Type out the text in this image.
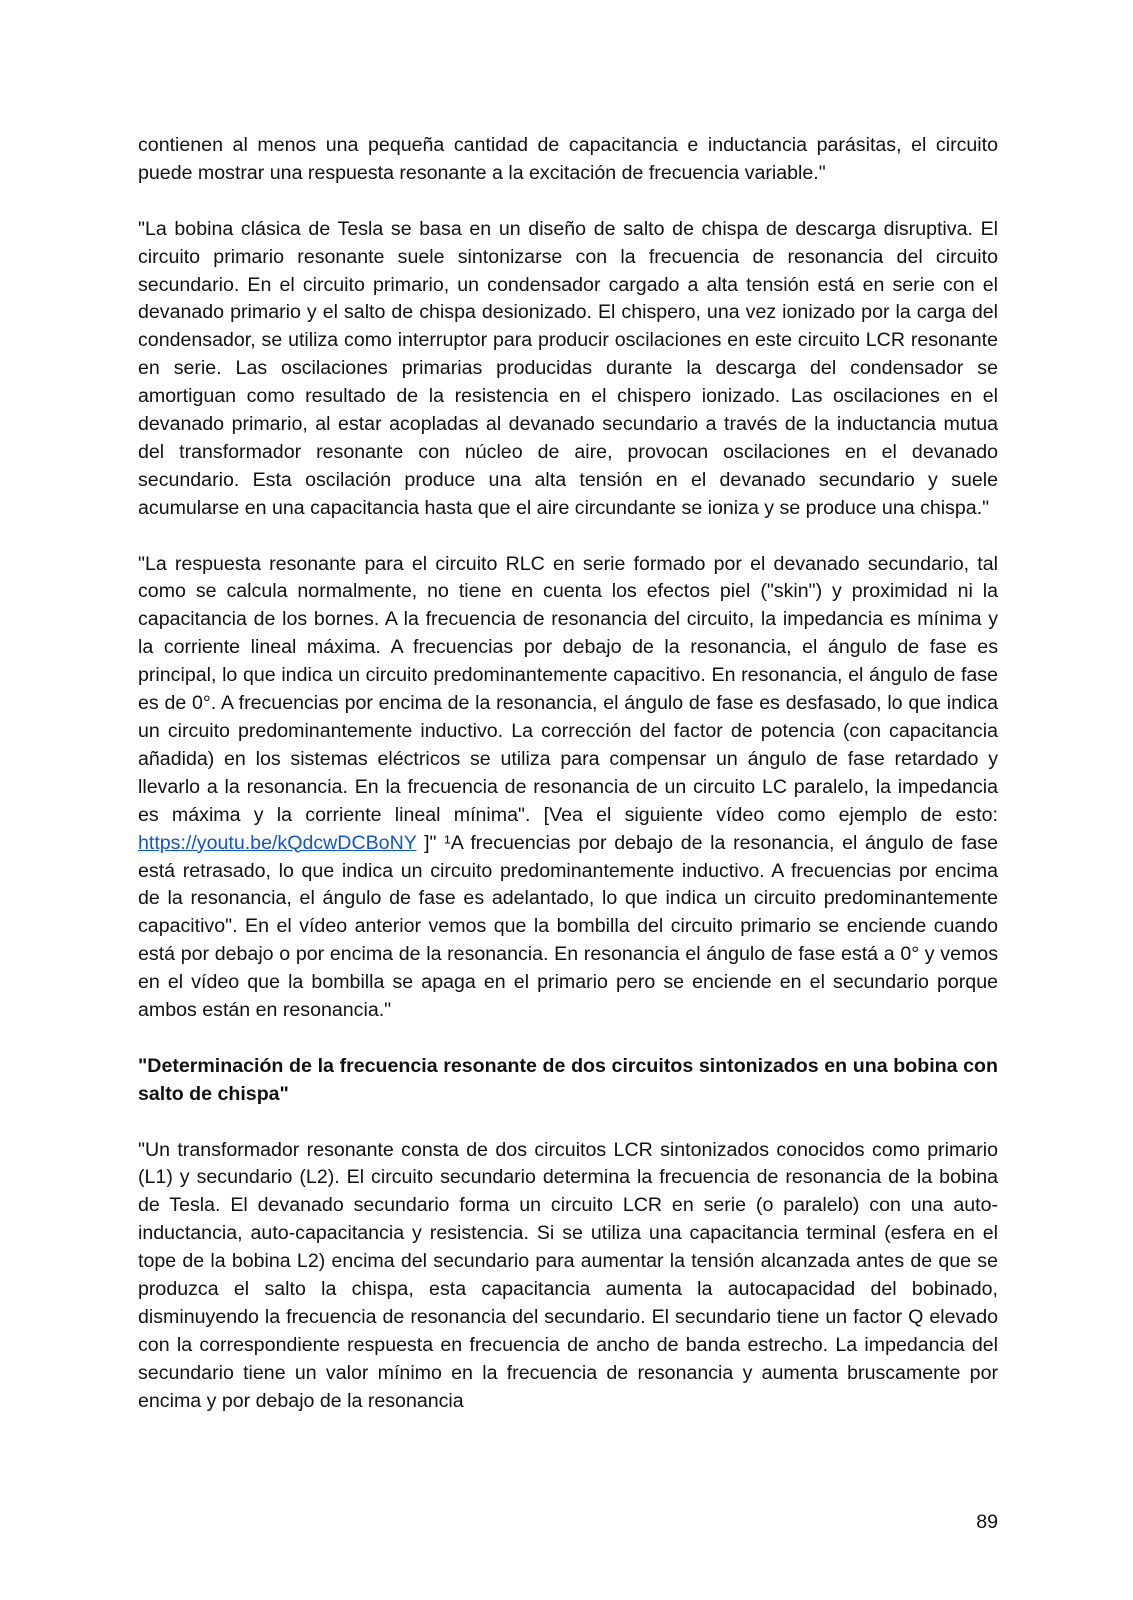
contienen al menos una pequeña cantidad de capacitancia e inductancia parásitas, el circuito puede mostrar una respuesta resonante a la excitación de frecuencia variable."

"La bobina clásica de Tesla se basa en un diseño de salto de chispa de descarga disruptiva. El circuito primario resonante suele sintonizarse con la frecuencia de resonancia del circuito secundario. En el circuito primario, un condensador cargado a alta tensión está en serie con el devanado primario y el salto de chispa desionizado. El chispero, una vez ionizado por la carga del condensador, se utiliza como interruptor para producir oscilaciones en este circuito LCR resonante en serie. Las oscilaciones primarias producidas durante la descarga del condensador se amortiguan como resultado de la resistencia en el chispero ionizado. Las oscilaciones en el devanado primario, al estar acopladas al devanado secundario a través de la inductancia mutua del transformador resonante con núcleo de aire, provocan oscilaciones en el devanado secundario. Esta oscilación produce una alta tensión en el devanado secundario y suele acumularse en una capacitancia hasta que el aire circundante se ioniza y se produce una chispa."

"La respuesta resonante para el circuito RLC en serie formado por el devanado secundario, tal como se calcula normalmente, no tiene en cuenta los efectos piel ("skin") y proximidad ni la capacitancia de los bornes. A la frecuencia de resonancia del circuito, la impedancia es mínima y la corriente lineal máxima. A frecuencias por debajo de la resonancia, el ángulo de fase es principal, lo que indica un circuito predominantemente capacitivo. En resonancia, el ángulo de fase es de 0°. A frecuencias por encima de la resonancia, el ángulo de fase es desfasado, lo que indica un circuito predominantemente inductivo. La corrección del factor de potencia (con capacitancia añadida) en los sistemas eléctricos se utiliza para compensar un ángulo de fase retardado y llevarlo a la resonancia. En la frecuencia de resonancia de un circuito LC paralelo, la impedancia es máxima y la corriente lineal mínima". [Vea el siguiente vídeo como ejemplo de esto: https://youtu.be/kQdcwDCBoNY ]" ¹A frecuencias por debajo de la resonancia, el ángulo de fase está retrasado, lo que indica un circuito predominantemente inductivo. A frecuencias por encima de la resonancia, el ángulo de fase es adelantado, lo que indica un circuito predominantemente capacitivo". En el vídeo anterior vemos que la bombilla del circuito primario se enciende cuando está por debajo o por encima de la resonancia. En resonancia el ángulo de fase está a 0° y vemos en el vídeo que la bombilla se apaga en el primario pero se enciende en el secundario porque ambos están en resonancia."

"Determinación de la frecuencia resonante de dos circuitos sintonizados en una bobina con salto de chispa"

"Un transformador resonante consta de dos circuitos LCR sintonizados conocidos como primario (L1) y secundario (L2). El circuito secundario determina la frecuencia de resonancia de la bobina de Tesla. El devanado secundario forma un circuito LCR en serie (o paralelo) con una auto-inductancia, auto-capacitancia y resistencia. Si se utiliza una capacitancia terminal (esfera en el tope de la bobina L2) encima del secundario para aumentar la tensión alcanzada antes de que se produzca el salto la chispa, esta capacitancia aumenta la autocapacidad del bobinado, disminuyendo la frecuencia de resonancia del secundario. El secundario tiene un factor Q elevado con la correspondiente respuesta en frecuencia de ancho de banda estrecho. La impedancia del secundario tiene un valor mínimo en la frecuencia de resonancia y aumenta bruscamente por encima y por debajo de la resonancia

89
